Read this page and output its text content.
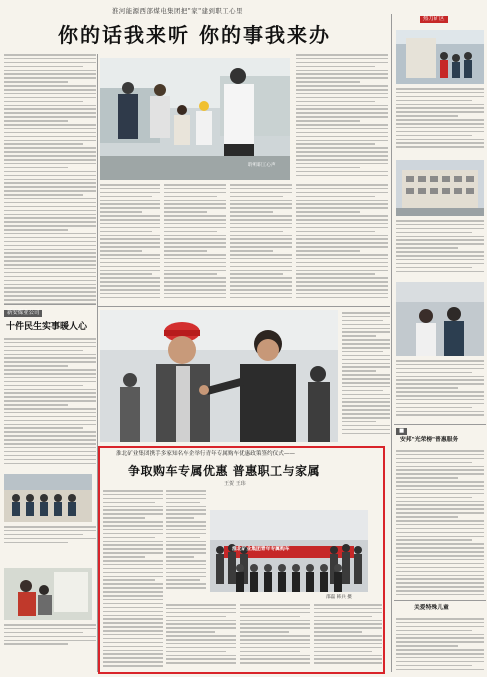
淮河能源西部煤电集团把"家"建到职工心里
你的话我来听 你的事我来办
聆听职工心声
新安煤业公司
十件民生实事暖人心
淮北矿业集团携手多家知名车企举行青年专属购车优惠政策签约仪式——
争取购车专属优惠 普惠职工与家属
王贺 王玮
淮北矿业集团青年专属购车
邵磊 韩兵 摄
热力矿区
■
安邦"光荣榜"普惠服务
关爱特殊儿童
